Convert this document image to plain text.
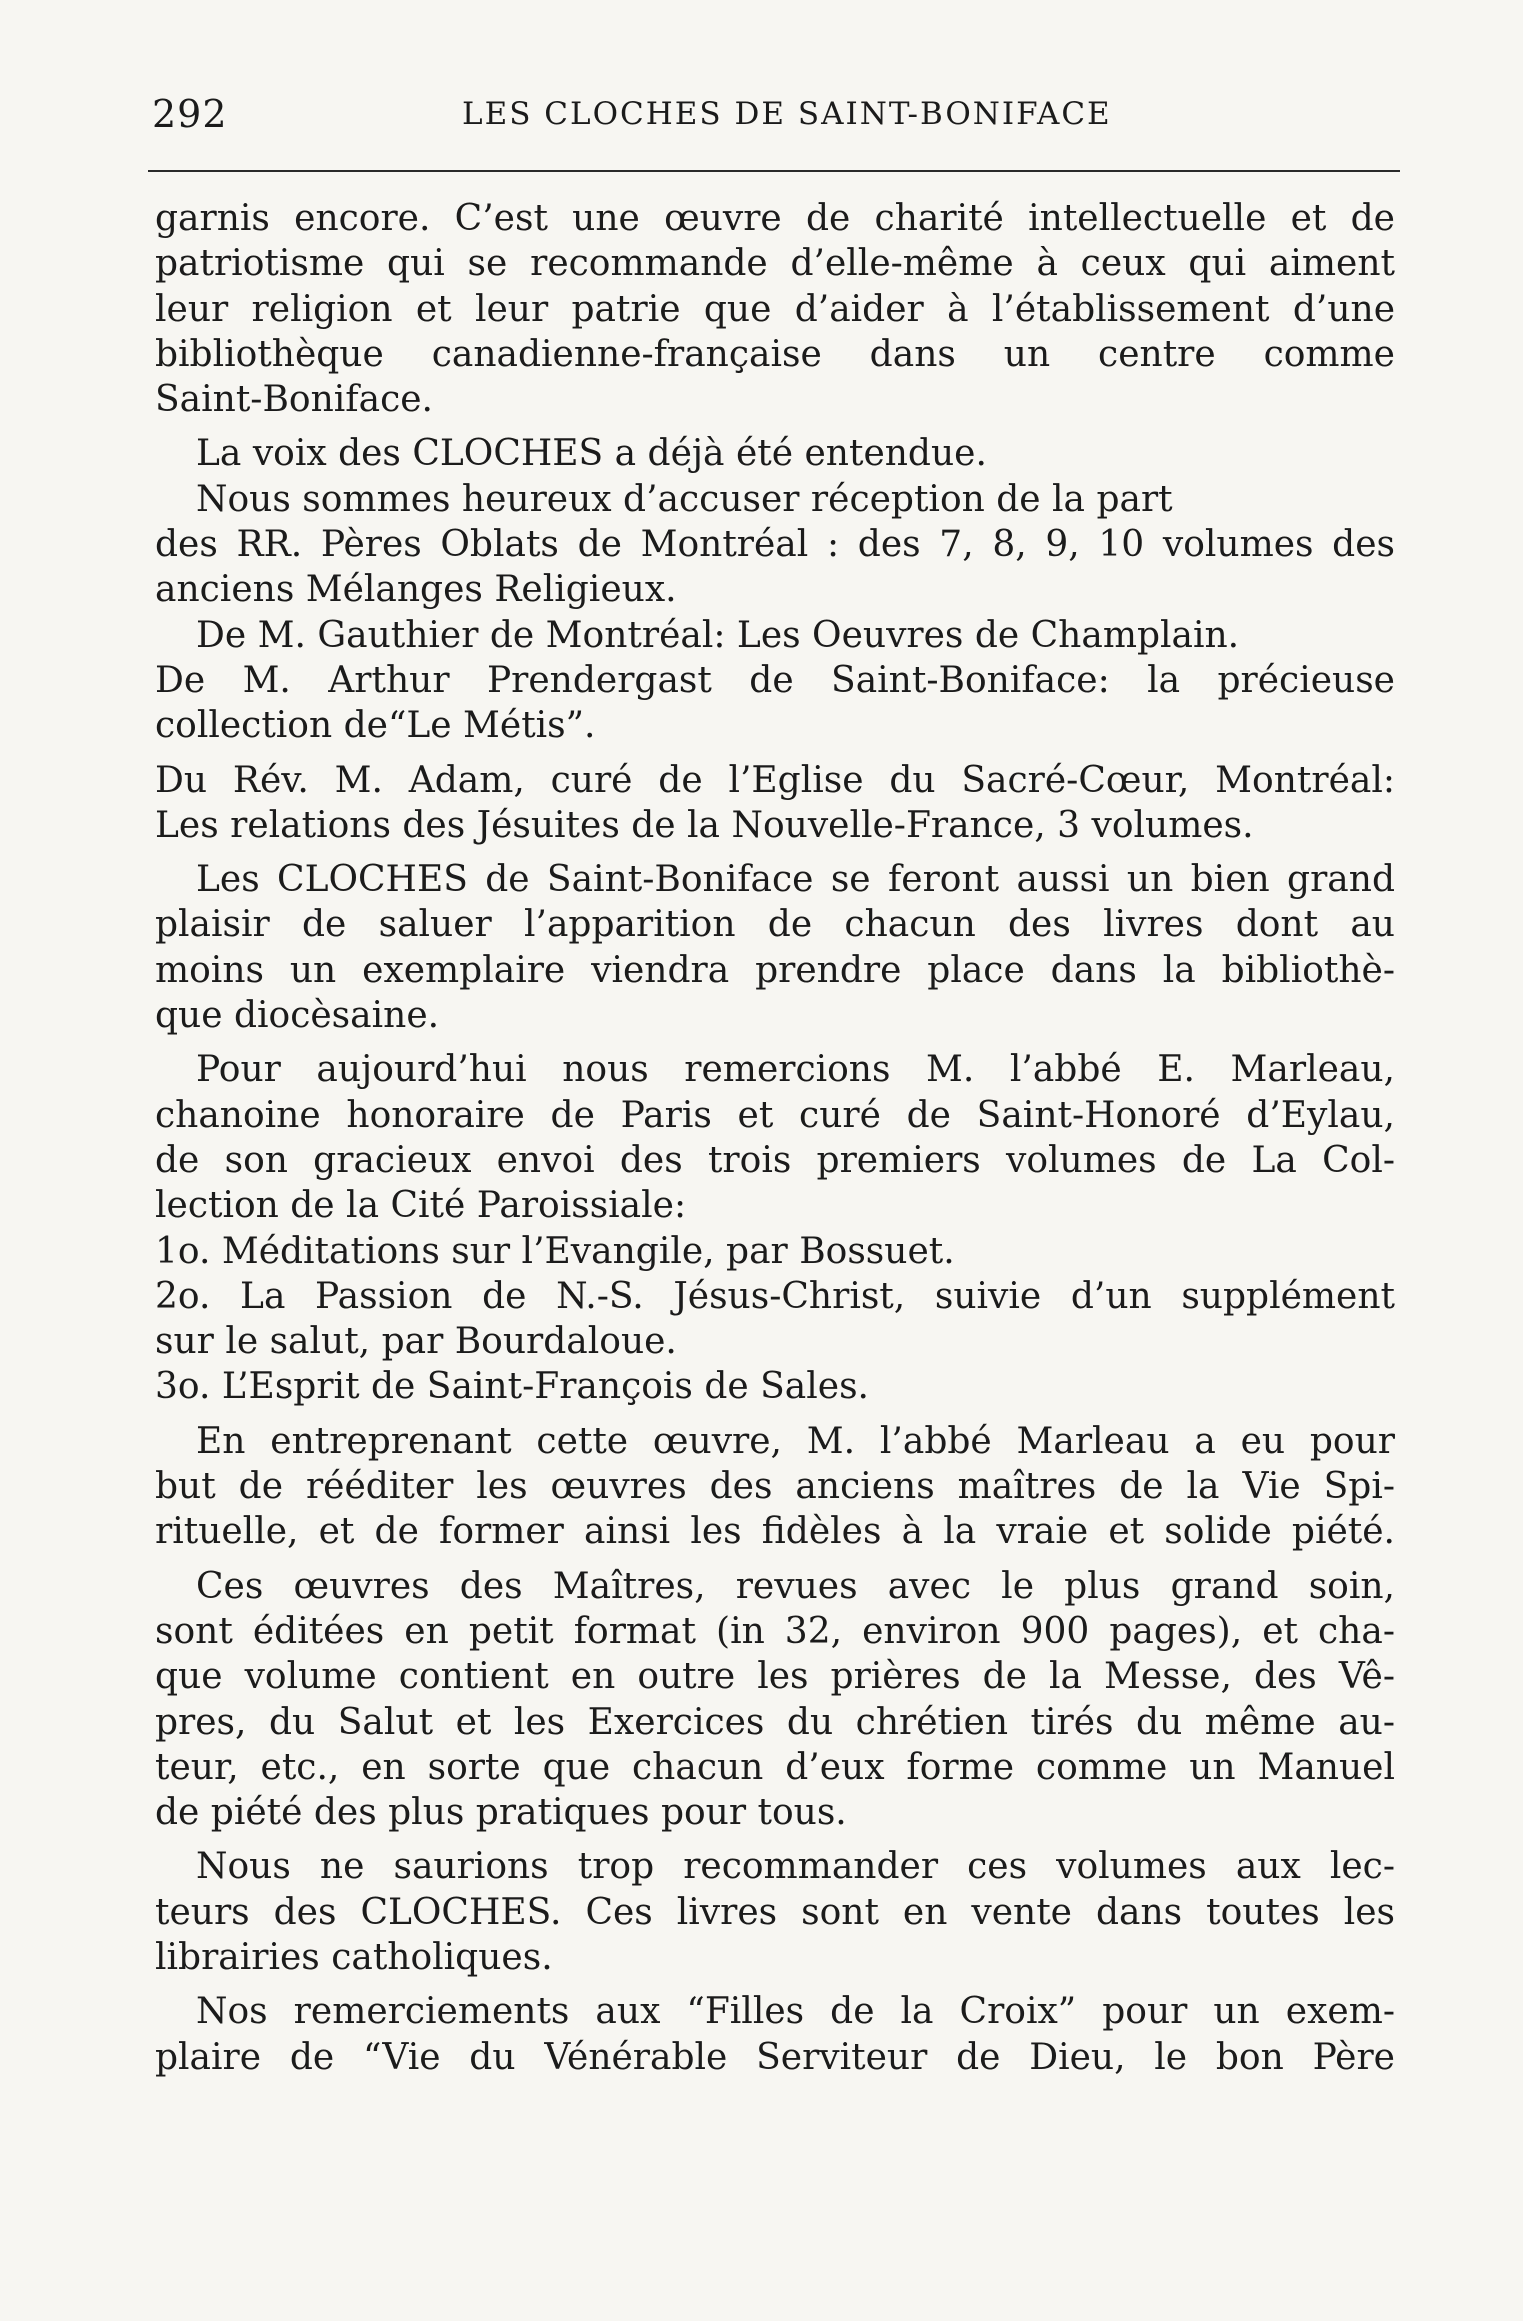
292	LES CLOCHES DE SAINT-BONIFACE
garnis encore. C’est une œuvre de charité intellectuelle et de
patriotisme qui se recommande d’elle-même à ceux qui aiment
leur religion et leur patrie que d’aider à l’établissement d’une
bibliothèque canadienne-française dans un centre comme
Saint-Boniface.
La voix des CLOCHES a déjà été entendue.
Nous sommes heureux d’accuser réception de la part
des RR. Pères Oblats de Montréal : des 7, 8, 9, 10 volumes des
anciens Mélanges Religieux.
De M. Gauthier de Montréal: Les Oeuvres de Champlain.
De M. Arthur Prendergast de Saint-Boniface: la précieuse
collection de“Le Métis”.
Du Rév. M. Adam, curé de l’Eglise du Sacré-Cœur, Montréal:
Les relations des Jésuites de la Nouvelle-France, 3 volumes.
Les CLOCHES de Saint-Boniface se feront aussi un bien grand
plaisir de saluer l’apparition de chacun des livres dont au
moins un exemplaire viendra prendre place dans la bibliothè-
que diocèsaine.
Pour aujourd’hui nous remercions M. l’abbé E. Marleau,
chanoine honoraire de Paris et curé de Saint-Honoré d’Eylau,
de son gracieux envoi des trois premiers volumes de La Col-
lection de la Cité Paroissiale:
1o. Méditations sur l’Evangile, par Bossuet.
2o. La Passion de N.-S. Jésus-Christ, suivie d’un supplément
sur le salut, par Bourdaloue.
3o. L’Esprit de Saint-François de Sales.
En entreprenant cette œuvre, M. l’abbé Marleau a eu pour
but de rééditer les œuvres des anciens maîtres de la Vie Spi-
rituelle, et de former ainsi les fidèles à la vraie et solide piété.
Ces œuvres des Maîtres, revues avec le plus grand soin,
sont éditées en petit format (in 32, environ 900 pages), et cha-
que volume contient en outre les prières de la Messe, des Vê-
pres, du Salut et les Exercices du chrétien tirés du même au-
teur, etc., en sorte que chacun d’eux forme comme un Manuel
de piété des plus pratiques pour tous.
Nous ne saurions trop recommander ces volumes aux lec-
teurs des CLOCHES. Ces livres sont en vente dans toutes les
librairies catholiques.
Nos remerciements aux “Filles de la Croix” pour un exem-
plaire de “Vie du Vénérable Serviteur de Dieu, le bon Père
